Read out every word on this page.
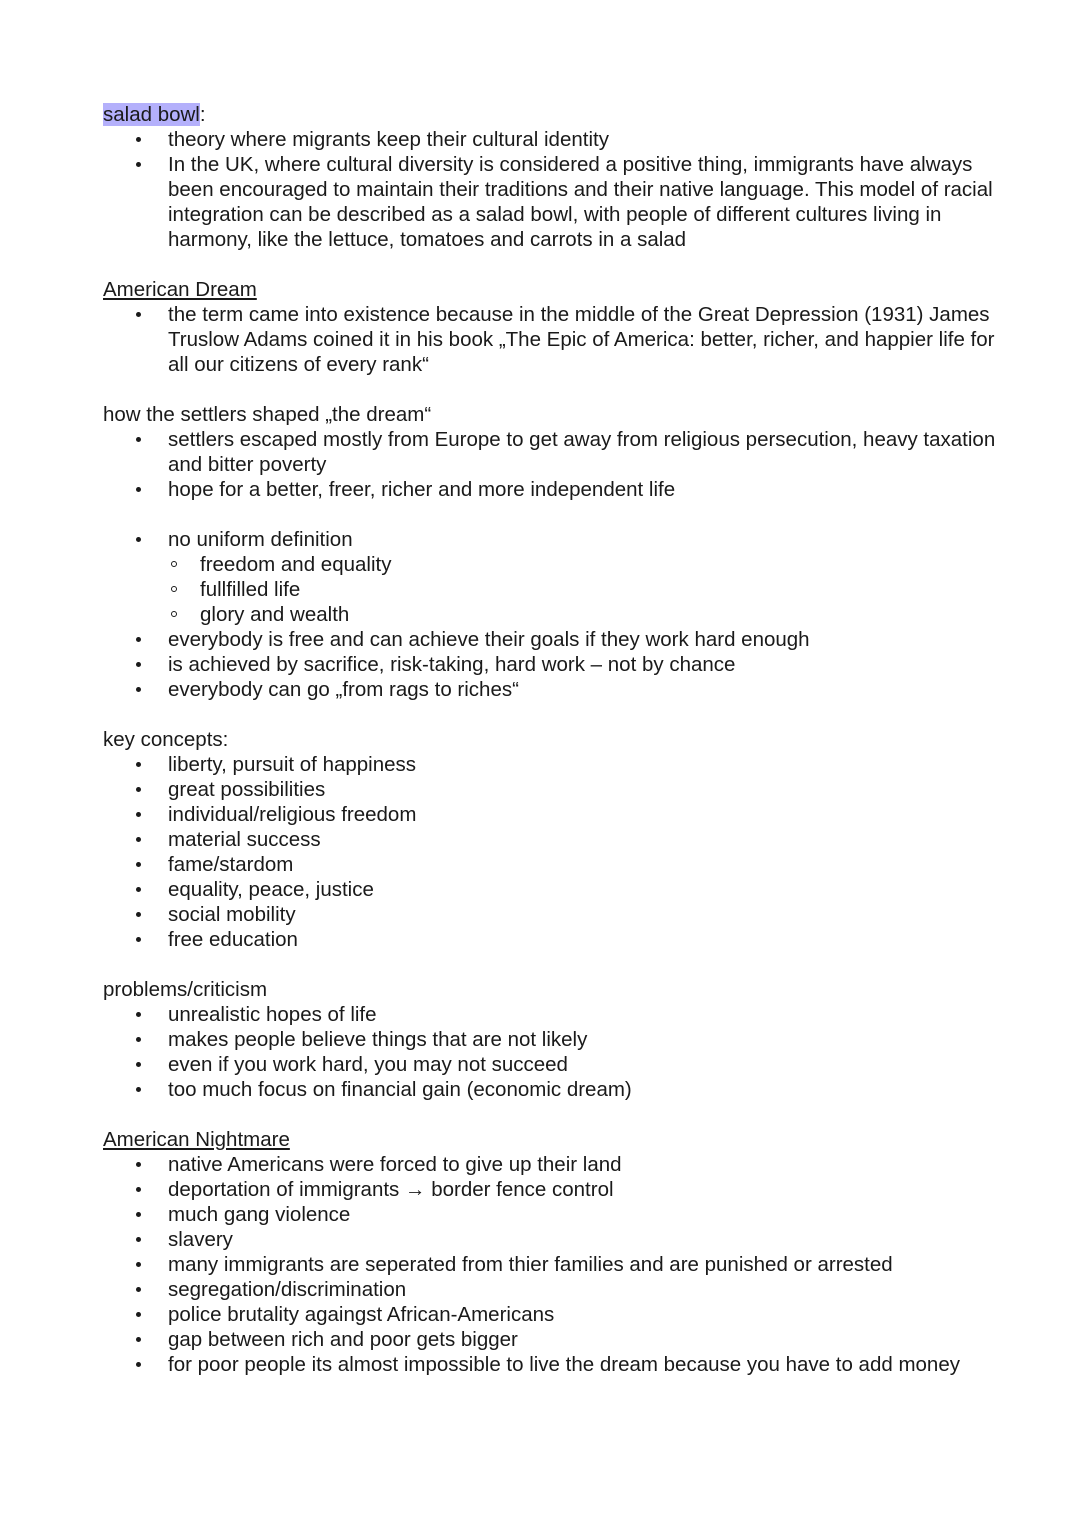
salad bowl:
theory where migrants keep their cultural identity
In the UK, where cultural diversity is considered a positive thing, immigrants have always been encouraged to maintain their traditions and their native language. This model of racial integration can be described as a salad bowl, with people of different cultures living in harmony, like the lettuce, tomatoes and carrots in a salad
American Dream
the term came into existence because in the middle of the Great Depression (1931) James Truslow Adams coined it in his book „The Epic of America: better, richer, and happier life for all our citizens of every rank“
how the settlers shaped „the dream“
settlers escaped mostly from Europe to get away from religious persecution, heavy taxation and bitter poverty
hope for a better, freer, richer and more independent life
no uniform definition
freedom and equality
fullfilled life
glory and wealth
everybody is free and can achieve their goals if they work hard enough
is achieved by sacrifice, risk-taking, hard work – not by chance
everybody can go „from rags to riches“
key concepts:
liberty, pursuit of happiness
great possibilities
individual/religious freedom
material success
fame/stardom
equality, peace, justice
social mobility
free education
problems/criticism
unrealistic hopes of life
makes people believe things that are not likely
even if you work hard, you may not succeed
too much focus on financial gain (economic dream)
American Nightmare
native Americans were forced to give up their land
deportation of immigrants → border fence control
much gang violence
slavery
many immigrants are seperated from thier families and are punished or arrested
segregation/discrimination
police brutality againgst African-Americans
gap between rich and poor gets bigger
for poor people its almost impossible to live the dream because you have to add money
